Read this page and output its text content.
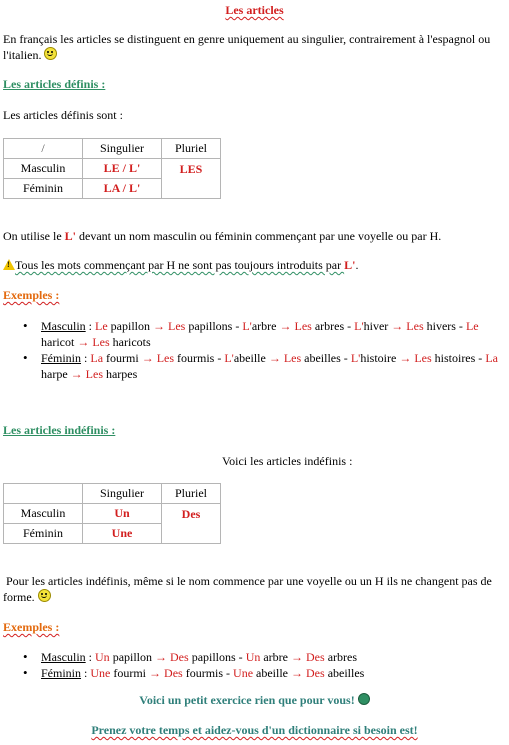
Les articles
En français les articles se distinguent en genre uniquement au singulier, contrairement à l'espagnol ou l'italien.
Les articles définis :
Les articles définis sont :
/	Singulier	Pluriel
Masculin	LE / L'	LES
Féminin	LA / L'	
On utilise le L' devant un nom masculin ou féminin commençant par une voyelle ou par H.
!Tous les mots commençant par H ne sont pas toujours introduits par L'.
Exemples :
• Masculin : Le papillon → Les papillons - L'arbre → Les arbres - L'hiver → Les hivers - Le haricot → Les haricots
• Féminin : La fourmi → Les fourmis - L'abeille → Les abeilles - L'histoire → Les histoires - La harpe → Les harpes
Les articles indéfinis :
Voici les articles indéfinis :
	Singulier	Pluriel
Masculin	Un	Des
Féminin	Une	
Pour les articles indéfinis, même si le nom commence par une voyelle ou un H ils ne changent pas de forme.
Exemples :
• Masculin : Un papillon → Des papillons - Un arbre → Des arbres
• Féminin : Une fourmi → Des fourmis - Une abeille → Des abeilles
Voici un petit exercice rien que pour vous!
Prenez votre temps et aidez-vous d'un dictionnaire si besoin est!
